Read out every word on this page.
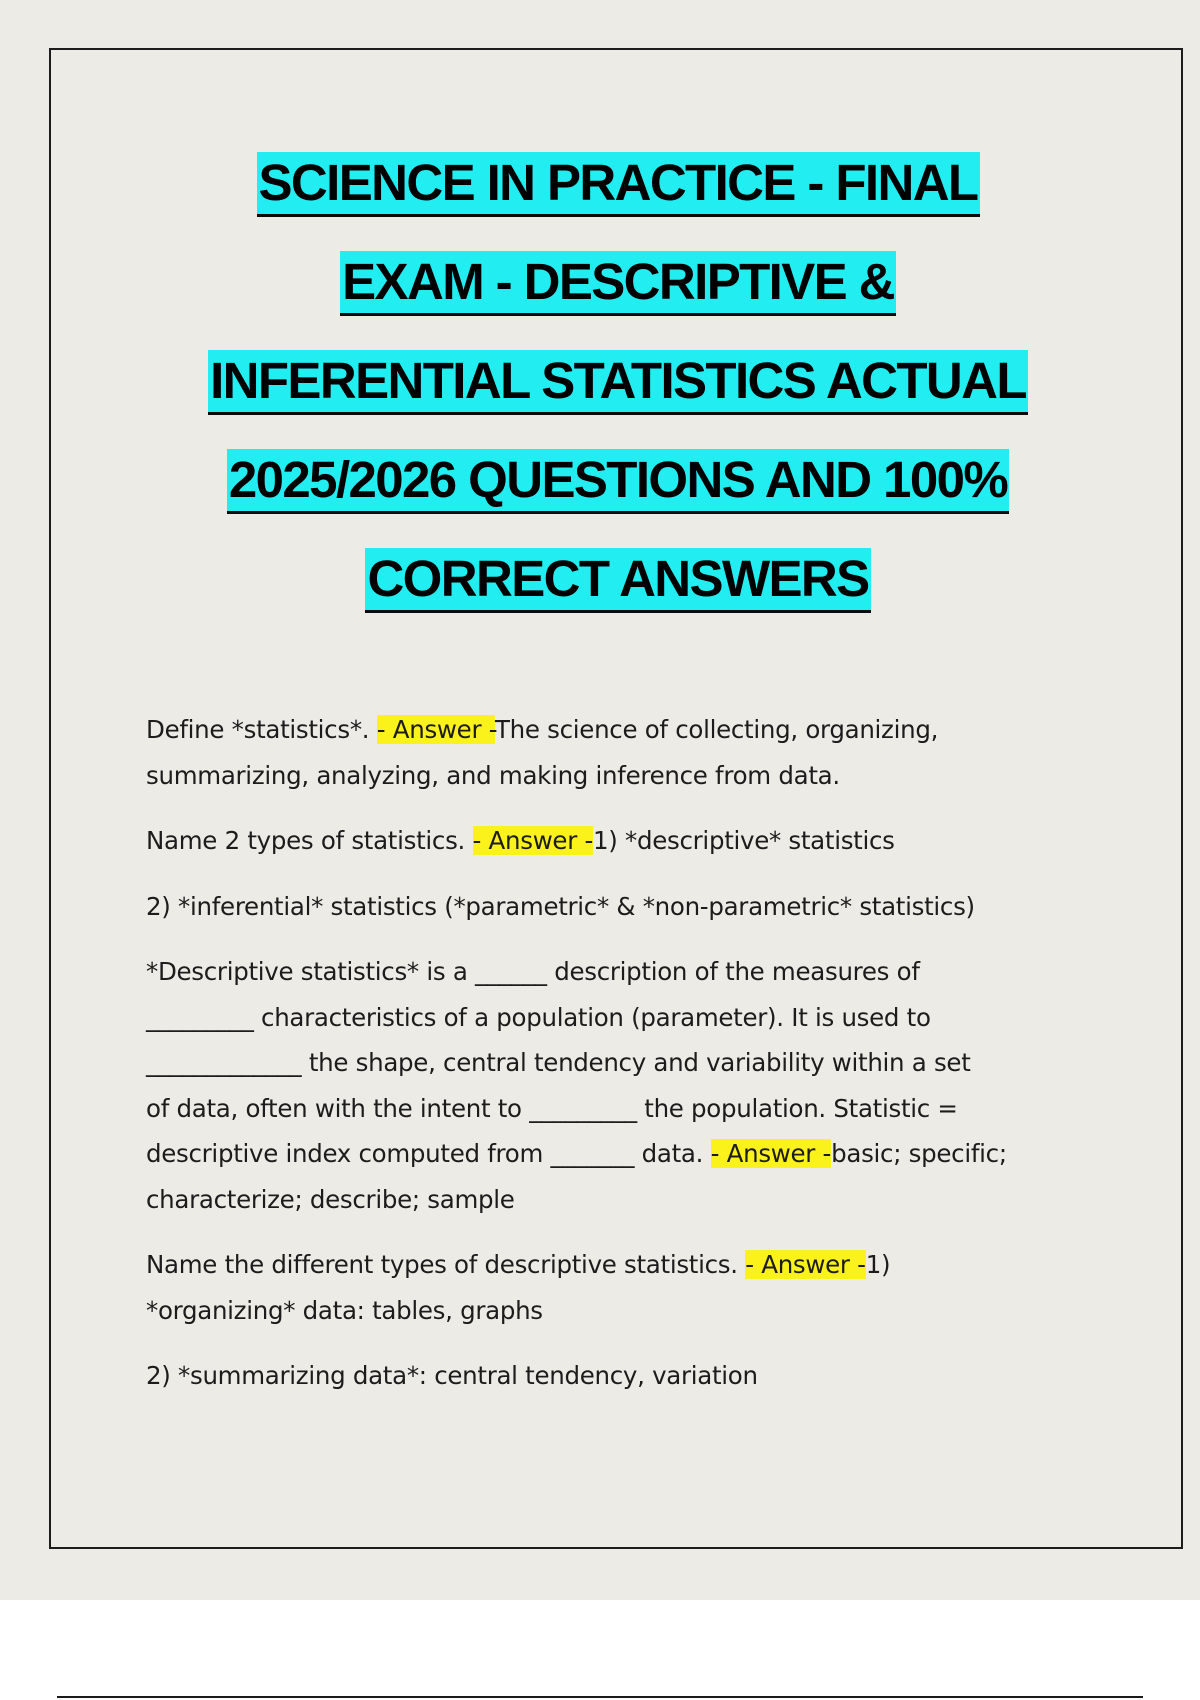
SCIENCE IN PRACTICE - FINAL
EXAM - DESCRIPTIVE &
INFERENTIAL STATISTICS ACTUAL
2025/2026 QUESTIONS AND 100%
CORRECT ANSWERS
Define *statistics*. - Answer -The science of collecting, organizing,
summarizing, analyzing, and making inference from data.
Name 2 types of statistics. - Answer -1) *descriptive* statistics
2) *inferential* statistics (*parametric* & *non-parametric* statistics)
*Descriptive statistics* is a ______ description of the measures of
_________ characteristics of a population (parameter). It is used to
_____________ the shape, central tendency and variability within a set
of data, often with the intent to _________ the population. Statistic =
descriptive index computed from _______ data. - Answer -basic; specific;
characterize; describe; sample
Name the different types of descriptive statistics. - Answer -1)
*organizing* data: tables, graphs
2) *summarizing data*: central tendency, variation
